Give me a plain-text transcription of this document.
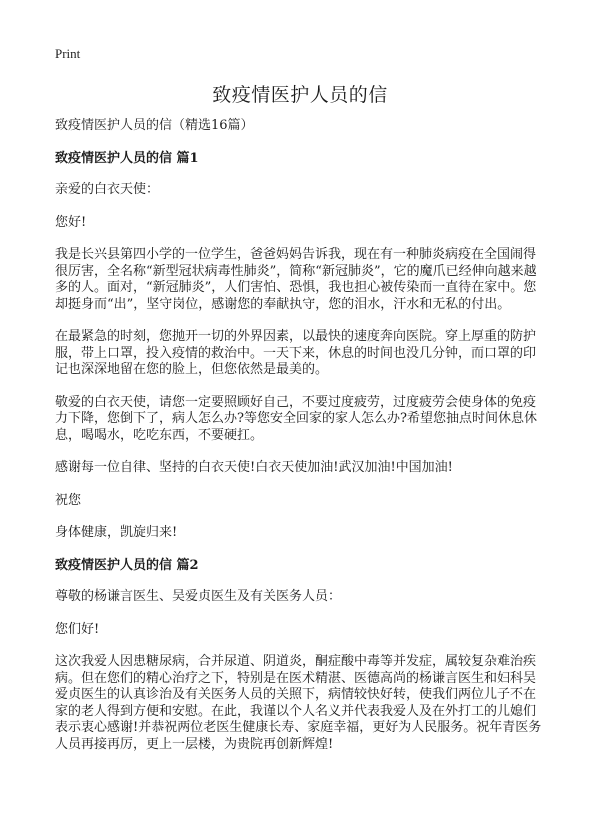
Print
致疫情医护人员的信

致疫情医护人员的信（精选16篇）

致疫情医护人员的信 篇1

亲爱的白衣天使：

您好!

我是长兴县第四小学的一位学生，爸爸妈妈告诉我，现在有一种肺炎病疫在全国闹得很厉害，全名称“新型冠状病毒性肺炎”，简称“新冠肺炎”，它的魔爪已经伸向越来越多的人。面对，“新冠肺炎”，人们害怕、恐惧，我也担心被传染而一直待在家中。您却挺身而“出”，坚守岗位，感谢您的奉献执守，您的泪水，汗水和无私的付出。

在最紧急的时刻，您抛开一切的外界因素，以最快的速度奔向医院。穿上厚重的防护服，带上口罩，投入疫情的救治中。一天下来，休息的时间也没几分钟，而口罩的印记也深深地留在您的脸上，但您依然是最美的。

敬爱的白衣天使，请您一定要照顾好自己，不要过度疲劳，过度疲劳会使身体的免疫力下降，您倒下了，病人怎么办?等您安全回家的家人怎么办?希望您抽点时间休息休息，喝喝水，吃吃东西，不要硬扛。

感谢每一位自律、坚持的白衣天使!白衣天使加油!武汉加油!中国加油!

祝您

身体健康，凯旋归来!

致疫情医护人员的信 篇2

尊敬的杨谦言医生、吴爱贞医生及有关医务人员：

您们好!

这次我爱人因患糖尿病，合并尿道、阴道炎，酮症酸中毒等并发症，属较复杂难治疾病。但在您们的精心治疗之下，特别是在医术精湛、医德高尚的杨谦言医生和妇科吴爱贞医生的认真诊治及有关医务人员的关照下，病情较快好转，使我们两位儿子不在家的老人得到方便和安慰。在此，我谨以个人名义并代表我爱人及在外打工的儿媳们表示衷心感谢!并恭祝两位老医生健康长寿、家庭幸福，更好为人民服务。祝年青医务人员再接再厉，更上一层楼，为贵院再创新辉煌!
